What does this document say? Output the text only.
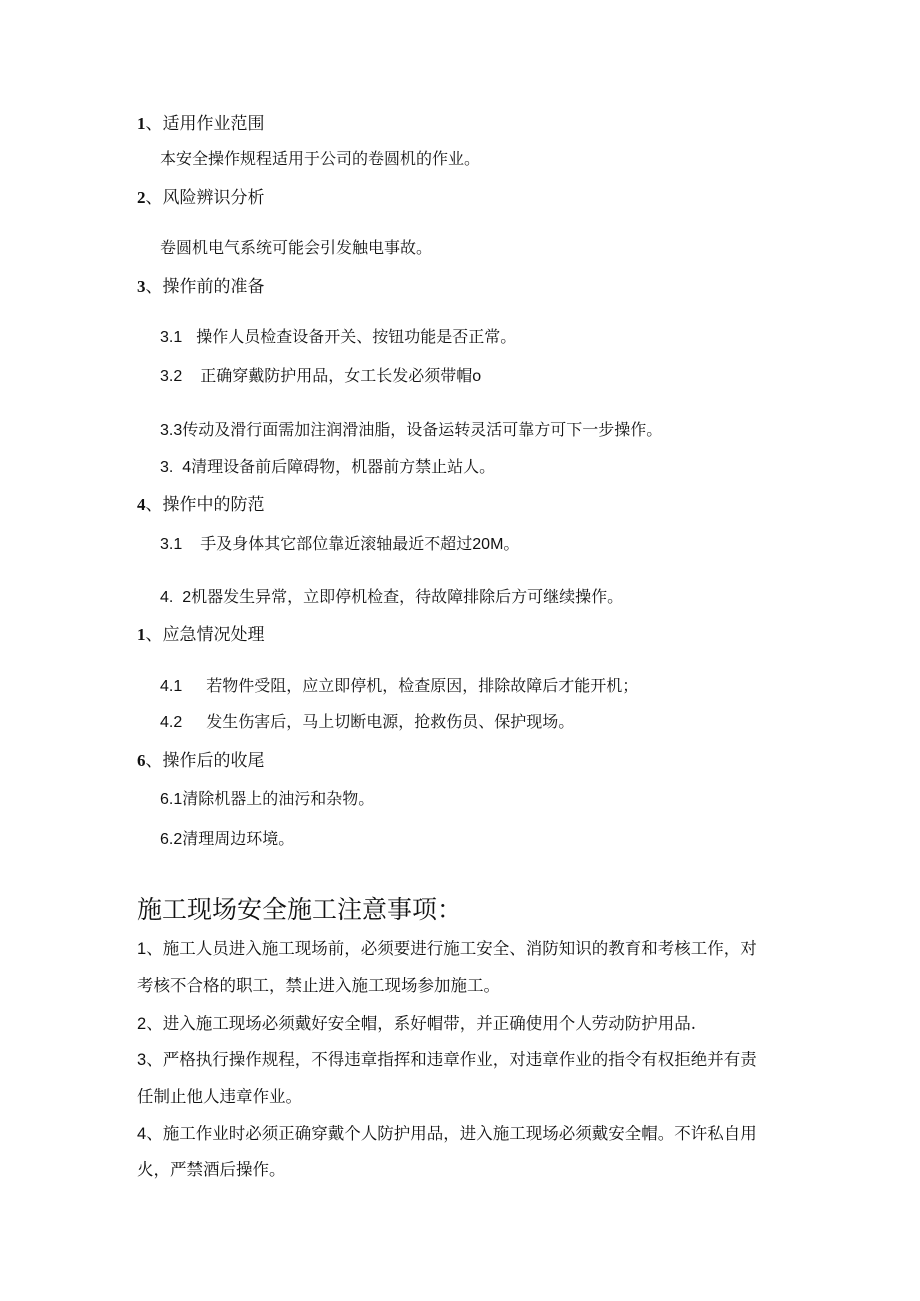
1、适用作业范围
本安全操作规程适用于公司的卷圆机的作业。
2、风险辨识分析
卷圆机电气系统可能会引发触电事故。
3、操作前的准备
3.1 操作人员检查设备开关、按钮功能是否正常。
3.2 正确穿戴防护用品，女工长发必须带帽o
3.3传动及滑行面需加注润滑油脂，设备运转灵活可靠方可下一步操作。
3.  4清理设备前后障碍物，机器前方禁止站人。
4、操作中的防范
3.1 手及身体其它部位靠近滚轴最近不超过20M。
4.  2机器发生异常，立即停机检查，待故障排除后方可继续操作。
1、应急情况处理
4.1 若物件受阻，应立即停机，检查原因，排除故障后才能开机；
4.2 发生伤害后，马上切断电源，抢救伤员、保护现场。
6、操作后的收尾
6.1清除机器上的油污和杂物。
6.2清理周边环境。
施工现场安全施工注意事项：
1、施工人员进入施工现场前，必须要进行施工安全、消防知识的教育和考核工作，对
考核不合格的职工，禁止进入施工现场参加施工。
2、进入施工现场必须戴好安全帽，系好帽带，并正确使用个人劳动防护用品.
3、严格执行操作规程，不得违章指挥和违章作业，对违章作业的指令有权拒绝并有责
任制止他人违章作业。
4、施工作业时必须正确穿戴个人防护用品，进入施工现场必须戴安全帽。不许私自用
火，严禁酒后操作。
